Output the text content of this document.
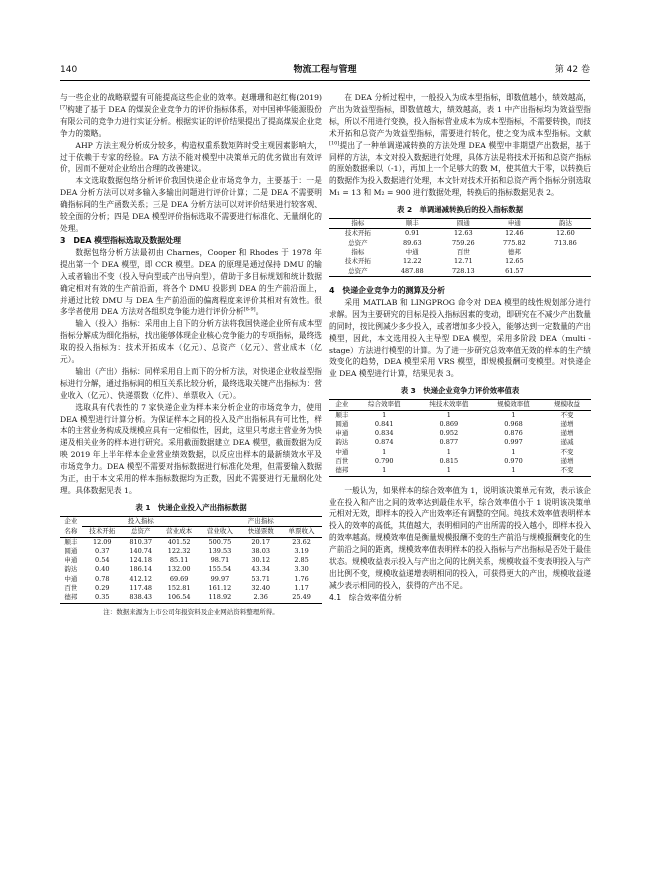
140	物流工程与管理	第 42 卷

与一些企业的战略联盟有可能提高这些企业的效率。赵珊珊和赵红梅(2019)[7]构建了基于 DEA 的煤炭企业竞争力的评价指标体系，对中国神华能源股份有限公司的竞争力进行实证分析。根据实证的评价结果提出了提高煤炭企业竞争力的策略。

AHP 方法主观分析成分较多，构造权重系数矩阵时受主观因素影响大，过于依赖于专家的经验。FA 方法不能对模型中决策单元的优劣做出有效评价，因而不便对企业给出合理的改善建议。

本文选取数据包络分析评价我国快递企业市场竞争力，主要基于：一是 DEA 分析方法可以对多输入多输出问题进行评价计算；二是 DEA 不需要明确指标间的生产函数关系；三是 DEA 分析方法可以对评价结果进行较客观、较全面的分析；四是 DEA 模型评价指标选取不需要进行标准化、无量纲化的处理。

3　DEA 模型指标选取及数据处理

数据包络分析方法最初由 Charnes，Cooper 和 Rhodes 于 1978 年提出第一个 DEA 模型，即 CCR 模型。DEA 的原理是通过保持 DMU 的输入或者输出不变（投入导向型或产出导向型），借助于多目标规划和统计数据确定相对有效的生产前沿面，将各个 DMU 投影到 DEA 的生产前沿面上，并通过比较 DMU 与 DEA 生产前沿面的偏离程度来评价其相对有效性。很多学者使用 DEA 方法对各组织竞争能力进行评价分析[8-9]。

输入（投入）指标：采用由上自下的分析方法将我国快递企业所有成本型指标分解成为细化指标，找出能够体现企业核心竞争能力的专项指标，最终选取的投入指标为：技术开拓成本（亿元）、总资产（亿元）、营业成本（亿元）。

输出（产出）指标：同样采用自上而下的分析方法，对快递企业收益型指标进行分解，通过指标间的相互关系比较分析，最终选取关键产出指标为：营业收入（亿元）、快递票数（亿件）、单票收入（元）。

选取具有代表性的 7 家快递企业为样本来分析企业的市场竞争力，使用 DEA 模型进行计算分析。为保证样本之间的投入及产出指标具有可比性，样本的主营业务构成及规模应具有一定相似性，因此，这里只考虑主营业务为快递及相关业务的样本进行研究。采用截面数据建立 DEA 模型，截面数据为反映 2019 年上半年样本企业营业绩效数据，以反应出样本的最新绩效水平及市场竞争力。DEA 模型不需要对指标数据进行标准化处理，但需要输入数据为正，由于本文采用的样本指标数据均为正数，因此不需要进行无量纲化处理。具体数据见表 1。

表 1　快递企业投入产出指标数据
企业	投入指标			产出指标		
名称	技术开拓	总资产	营业成本	营业收入	快递票数	单票收入
顺丰	12.09	810.37	401.52	500.75	20.17	23.62
圆通	0.37	140.74	122.32	139.53	38.03	3.19
申通	0.54	124.18	85.11	98.71	30.12	2.85
韵达	0.40	186.14	132.00	155.54	43.34	3.30
中通	0.78	412.12	69.69	99.97	53.71	1.76
百世	0.29	117.48	152.81	161.12	32.40	1.17
德邦	0.35	838.43	106.54	118.92	2.36	25.49
注：数据来源为上市公司年报资料及企业网站资料整理所得。

在 DEA 分析过程中，一般投入为成本型指标，即数值越小，绩效越高，产出为效益型指标，即数值越大，绩效越高，表 1 中产出指标均为效益型指标，所以不用进行变换，投入指标营业成本为成本型指标，不需要转换，而技术开拓和总资产为效益型指标，需要进行转化，使之变为成本型指标。文献[10]提出了一种单调递减转换的方法处理 DEA 模型中非期望产出数据，基于同样的方法，本文对投入数据进行处理，具体方法是将技术开拓和总资产指标的原始数据乘以（-1），再加上一个足够大的数 M，使其值大于零，以转换后的数据作为投入数据进行处理，本文针对技术开拓和总资产两个指标分别选取 M₁ = 13 和 M₂ = 900 进行数据处理，转换后的指标数据见表 2。

表 2　单调递减转换后的投入指标数据
指标	顺丰	圆通	申通	韵达
技术开拓	0.91	12.63	12.46	12.60
总资产	89.63	759.26	775.82	713.86
指标	中通	百世	德邦	
技术开拓	12.22	12.71	12.65	
总资产	487.88	728.13	61.57	
4　快递企业竞争力的测算及分析

采用 MATLAB 和 LINGPROG 命令对 DEA 模型的线性规划部分进行求解。因为主要研究的目标是投入指标因素的变动，即研究在不减少产出数量的同时，按比例减少多少投入，或者增加多少投入，能够达到一定数量的产出模型，因此，本文选用投入主导型 DEA 模型，采用多阶段 DEA（multi - stage）方法进行模型的计算。为了进一步研究总效率值无效的样本的生产绩效变化的趋势，DEA 模型采用 VRS 模型，即规模报酬可变模型。对快递企业 DEA 模型进行计算，结果见表 3。

表 3　快递企业竞争力评价效率值表
企业	综合效率值	纯技术效率值	规模效率值	规模收益
顺丰	1	1	1	不变
圆通	0.841	0.869	0.968	递增
申通	0.834	0.952	0.876	递增
韵达	0.874	0.877	0.997	递减
中通	1	1	1	不变
百世	0.790	0.815	0.970	递增
德邦	1	1	1	不变

一般认为，如果样本的综合效率值为 1，说明该决策单元有效，表示该企业在投入和产出之间的效率达到最佳水平，综合效率值小于 1 说明该决策单元相对无效，即样本的投入产出效率还有调整的空间。纯技术效率值表明样本投入的效率的高低，其值越大，表明相同的产出所需的投入越小，即样本投入的效率越高。规模效率值是衡量规模报酬不变的生产前沿与规模报酬变化的生产前沿之间的距离，规模效率值表明样本的投入指标与产出指标是否处于最佳状态。规模收益表示投入与产出之间的比例关系，规模收益不变表明投入与产出比例不变，规模收益递增表明相同的投入，可获得更大的产出，规模收益递减少表示相同的投入，获得的产出不足。

4.1　综合效率值分析
